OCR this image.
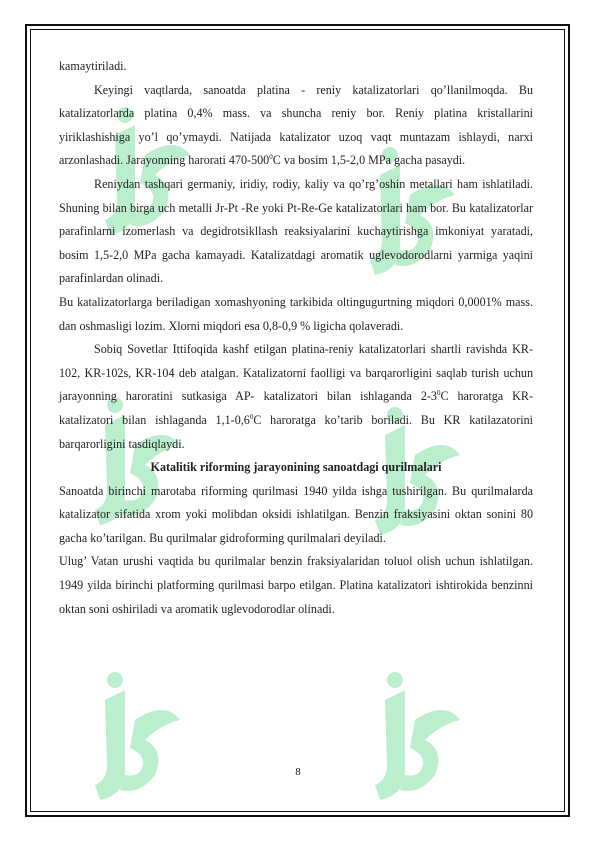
kamaytiriladi.

Keyingi vaqtlarda, sanoatda platina - reniy katalizatorlari qo’llanilmoqda. Bu katalizatorlarda platina 0,4% mass. va shuncha reniy bor. Reniy platina kristallarini yiriklashishiga yo’l qo’ymaydi. Natijada katalizator uzoq vaqt muntazam ishlaydi, narxi arzonlashadi. Jarayonning harorati $470-500^0C$ va bosim 1,5-2,0 MPa gacha pasaydi.

Reniydan tashqari germaniy, iridiy, rodiy, kaliy va qo’rg’oshin metallari ham ishlatiladi. Shuning bilan birga uch metalli Jr-Pt -Re yoki Pt-Re-Ge katalizatorlari ham bor. Bu katalizatorlar parafinlarni izomerlash va degidrotsikllash reaksiyalarini kuchaytirishga imkoniyat yaratadi, bosim 1,5-2,0 MPa gacha kamayadi. Katalizatdagi aromatik uglevodorodlarni yarmiga yaqini parafinlardan olinadi.

Bu katalizatorlarga beriladigan xomashyoning tarkibida oltingugurtning miqdori 0,0001% mass. dan oshmasligi lozim. Xlorni miqdori esa 0,8-0,9 % ligicha qolaveradi.

Sobiq Sovetlar Ittifoqida kashf etilgan platina-reniy katalizatorlari shartli ravishda KR-102, KR-102s, KR-104 deb atalgan. Katalizatorni faolligi va barqarorligini saqlab turish uchun jarayonning haroratini sutkasiga AP- katalizatori bilan ishlaganda $2-3^0C$ haroratga KR- katalizatori bilan ishlaganda $1,1-0,6^0C$ haroratga ko’tarib boriladi. Bu KR katilazatorini barqarorligini tasdiqlaydi.

Katalitik riforming jarayonining sanoatdagi qurilmalari

Sanoatda birinchi marotaba riforming qurilmasi 1940 yilda ishga tushirilgan. Bu qurilmalarda katalizator sifatida xrom yoki molibdan oksidi ishlatilgan. Benzin fraksiyasini oktan sonini 80 gacha ko’tarilgan. Bu qurilmalar gidroforming qurilmalari deyiladi.

Ulug’ Vatan urushi vaqtida bu qurilmalar benzin fraksiyalaridan toluol olish uchun ishlatilgan. 1949 yilda birinchi platforming qurilmasi barpo etilgan. Platina katalizatori ishtirokida benzinni oktan soni oshiriladi va aromatik uglevodorodlar olinadi.

8
